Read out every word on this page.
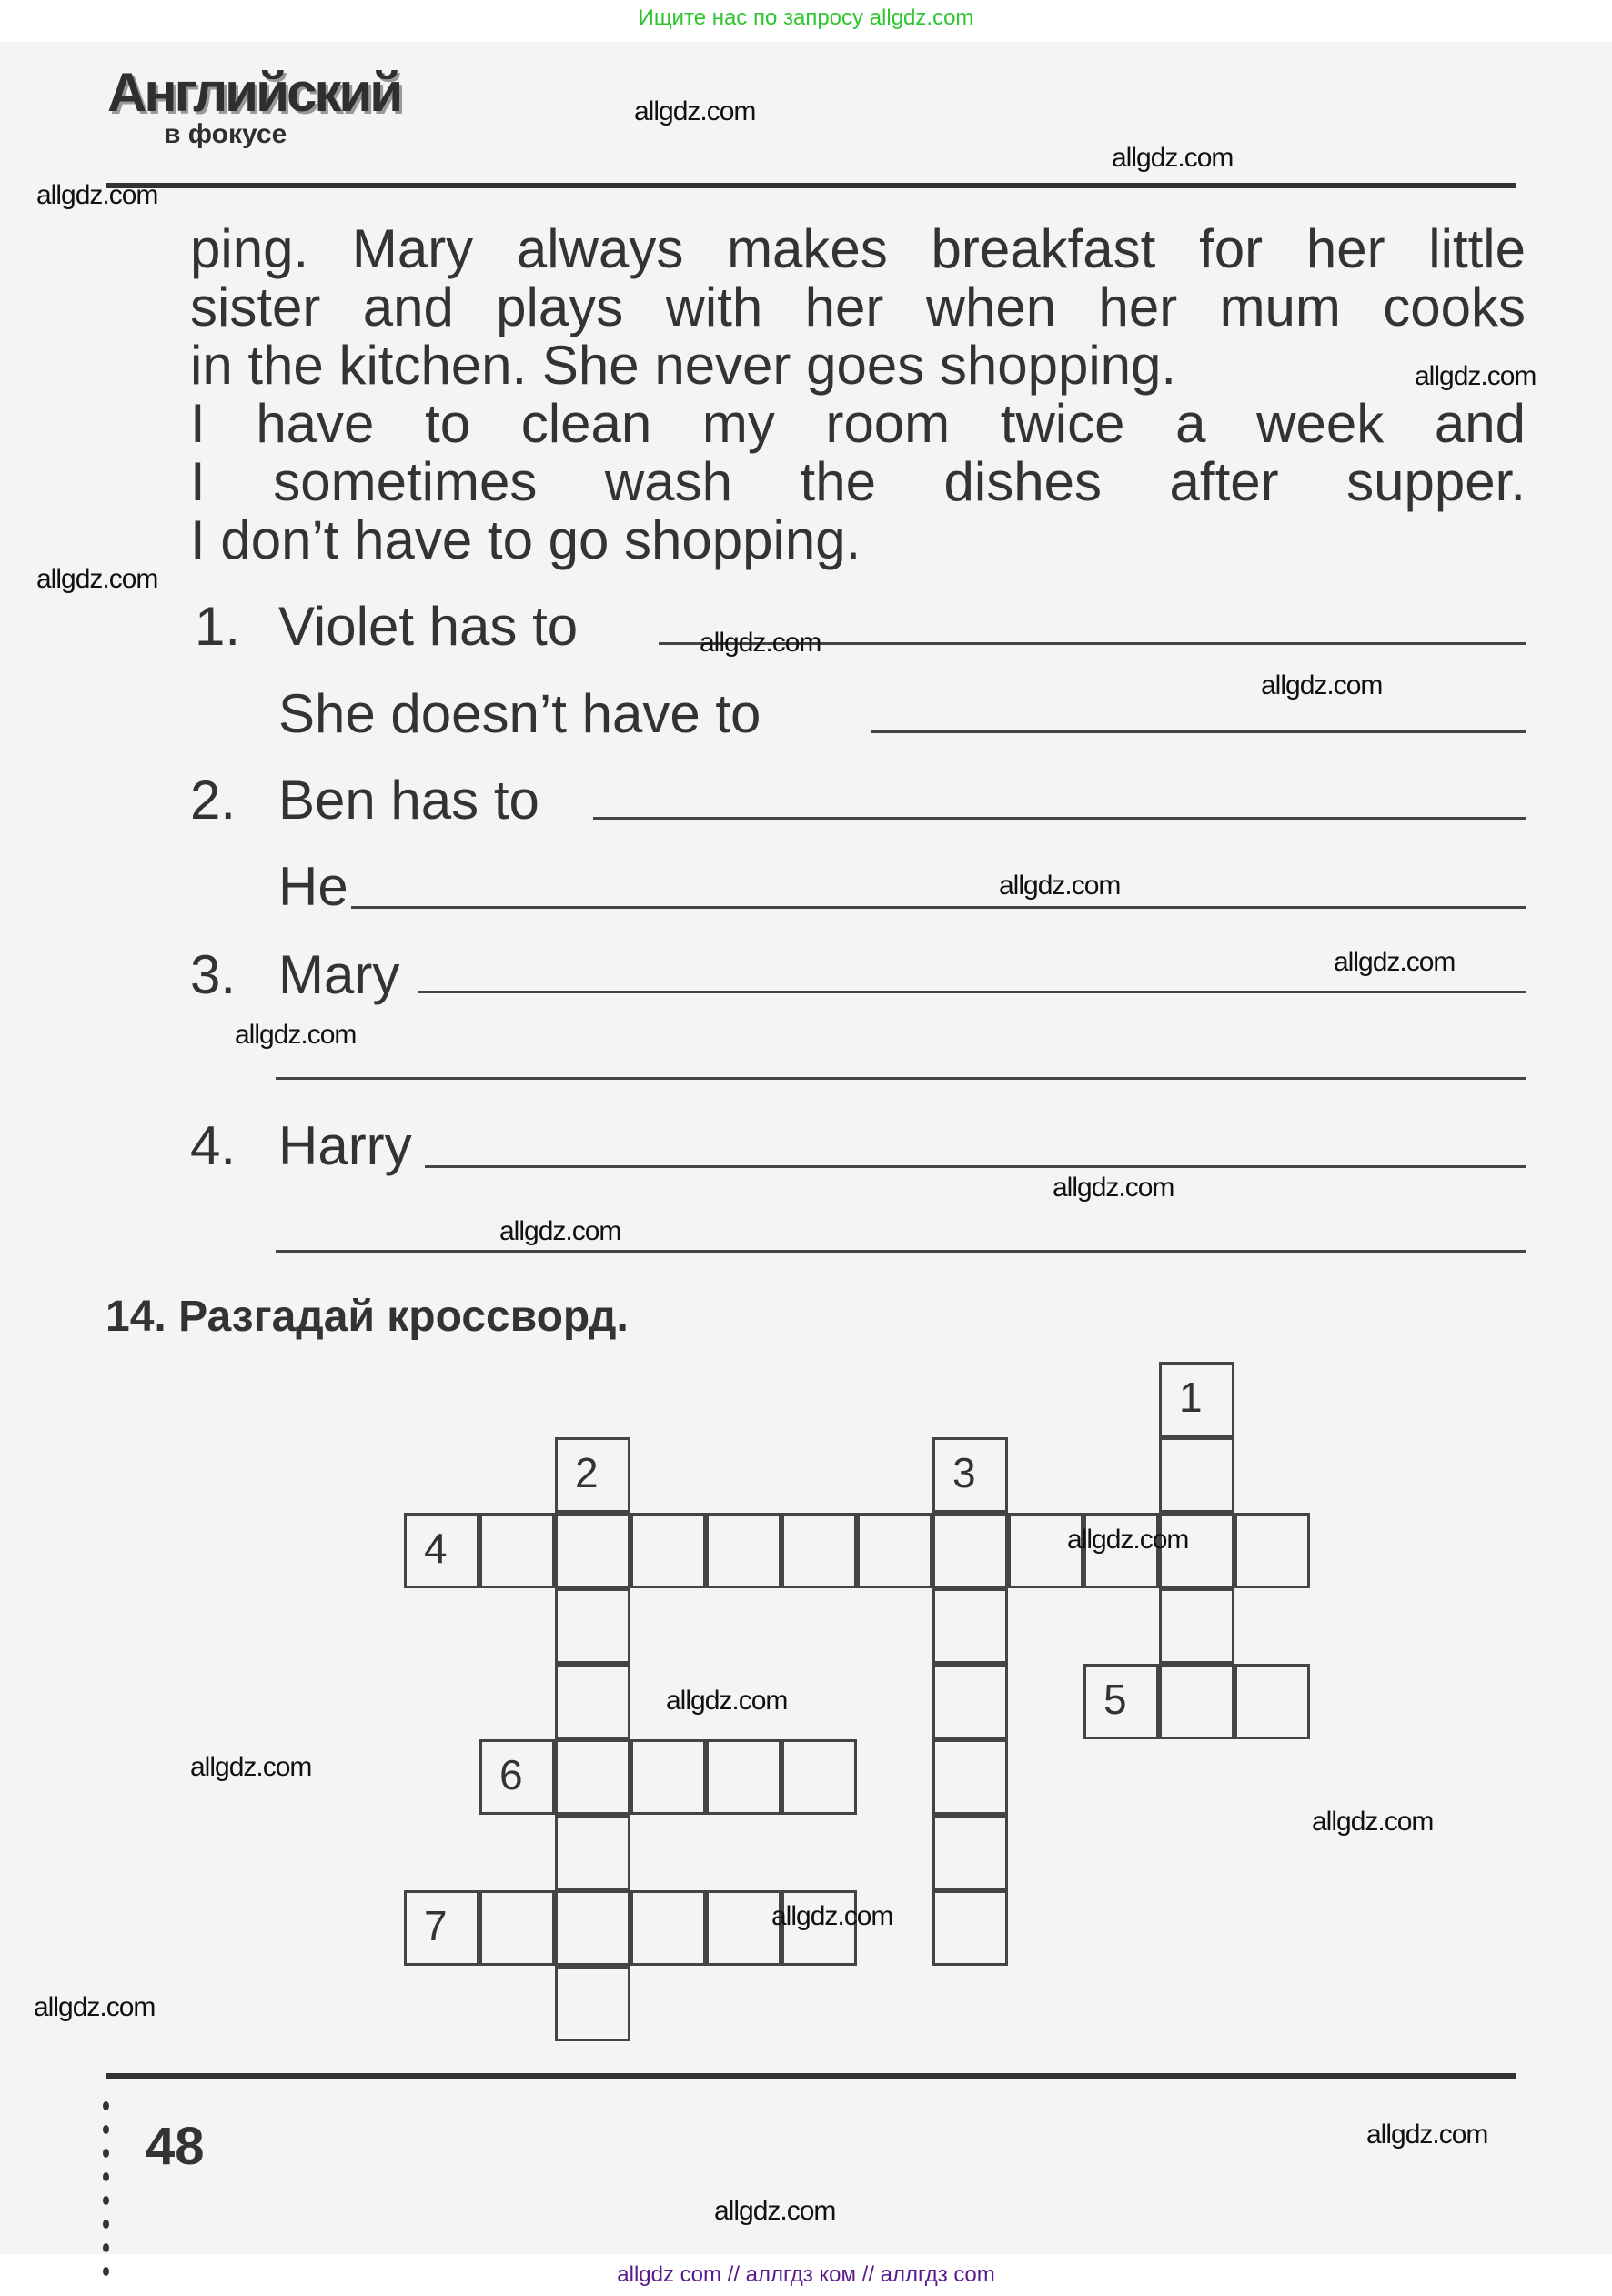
Ищите нас по запросу allgdz.com
Английский
в фокусе
ping. Mary always makes breakfast for her little
sister and plays with her when her mum cooks
in the kitchen. She never goes shopping.
I have to clean my room twice a week and
I sometimes wash the dishes after supper.
I don’t have to go shopping.
1. Violet has to
She doesn’t have to
2. Ben has to
He
3. Mary
4. Harry
14. Разгадай кроссворд.
1
2	3
4
5
6
7
48
allgdz.com
allgdz.com
allgdz.com
allgdz.com
allgdz.com
allgdz.com
allgdz.com
allgdz.com
allgdz.com
allgdz.com
allgdz.com
allgdz.com
allgdz.com
allgdz.com
allgdz.com
allgdz.com
allgdz.com
allgdz.com
allgdz.com
allgdz.com
allgdz com // аллгдз ком // аллгдз com
